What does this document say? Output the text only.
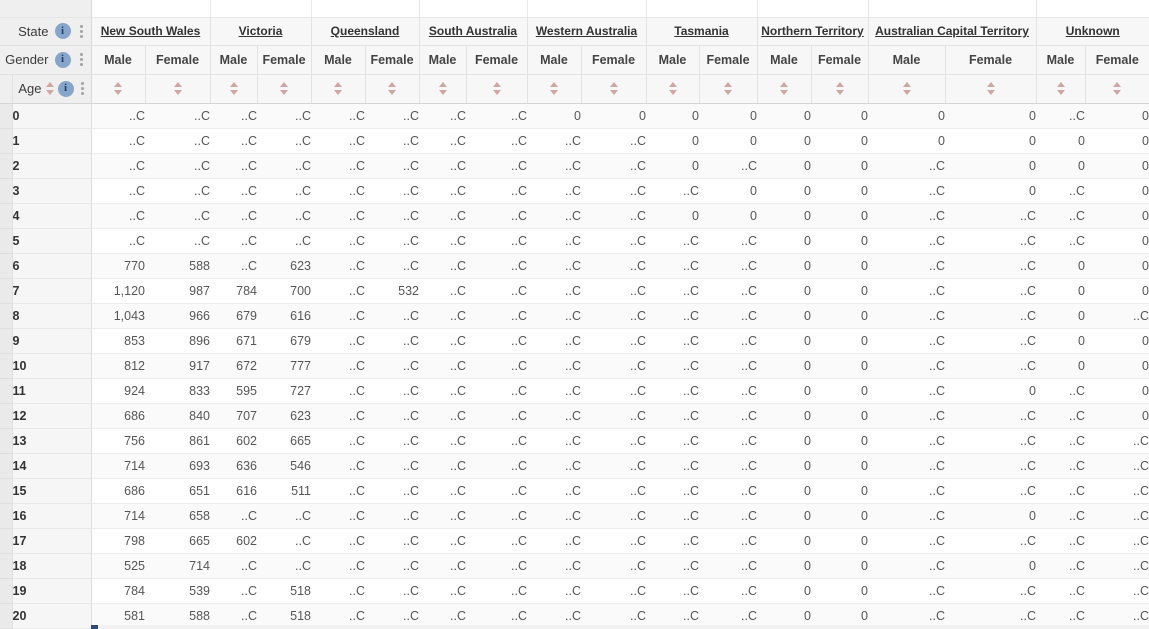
State i		New South Wales		Victoria		Queensland		South Australia		Western Australia		Tasmania		Northern Territory		Australian Capital Territory		Unknown	

Gender i		Male	Female	Male	Female	Male	Female	Male	Female	Male	Female	Male	Female	Male	Female	Male	Female	Male	Female

	Age i																		

	0	..C	..C	..C	..C	..C	..C	..C	..C	0	0	0	0	0	0	0	0	..C	0
	1	..C	..C	..C	..C	..C	..C	..C	..C	..C	..C	0	0	0	0	0	0	0	0
	2	..C	..C	..C	..C	..C	..C	..C	..C	..C	..C	0	..C	0	0	..C	0	0	0
	3	..C	..C	..C	..C	..C	..C	..C	..C	..C	..C	..C	0	0	0	..C	0	..C	0
	4	..C	..C	..C	..C	..C	..C	..C	..C	..C	..C	0	0	0	0	..C	..C	..C	0
	5	..C	..C	..C	..C	..C	..C	..C	..C	..C	..C	..C	..C	0	0	..C	..C	..C	0
	6	770	588	..C	623	..C	..C	..C	..C	..C	..C	..C	..C	0	0	..C	..C	0	0
	7	1,120	987	784	700	..C	532	..C	..C	..C	..C	..C	..C	0	0	..C	..C	0	0
	8	1,043	966	679	616	..C	..C	..C	..C	..C	..C	..C	..C	0	0	..C	..C	0	..C
	9	853	896	671	679	..C	..C	..C	..C	..C	..C	..C	..C	0	0	..C	..C	0	0
	10	812	917	672	777	..C	..C	..C	..C	..C	..C	..C	..C	0	0	..C	..C	0	0
	11	924	833	595	727	..C	..C	..C	..C	..C	..C	..C	..C	0	0	..C	0	..C	0
	12	686	840	707	623	..C	..C	..C	..C	..C	..C	..C	..C	0	0	..C	..C	..C	0
	13	756	861	602	665	..C	..C	..C	..C	..C	..C	..C	..C	0	0	..C	..C	..C	..C
	14	714	693	636	546	..C	..C	..C	..C	..C	..C	..C	..C	0	0	..C	..C	..C	..C
	15	686	651	616	511	..C	..C	..C	..C	..C	..C	..C	..C	0	0	..C	..C	..C	..C
	16	714	658	..C	..C	..C	..C	..C	..C	..C	..C	..C	..C	0	0	..C	0	..C	..C
	17	798	665	602	..C	..C	..C	..C	..C	..C	..C	..C	..C	0	0	..C	..C	..C	..C
	18	525	714	..C	..C	..C	..C	..C	..C	..C	..C	..C	..C	0	0	..C	0	..C	..C
	19	784	539	..C	518	..C	..C	..C	..C	..C	..C	..C	..C	0	0	..C	..C	..C	..C
	20	581	588	..C	518	..C	..C	..C	..C	..C	..C	..C	..C	0	0	..C	..C	..C	..C
